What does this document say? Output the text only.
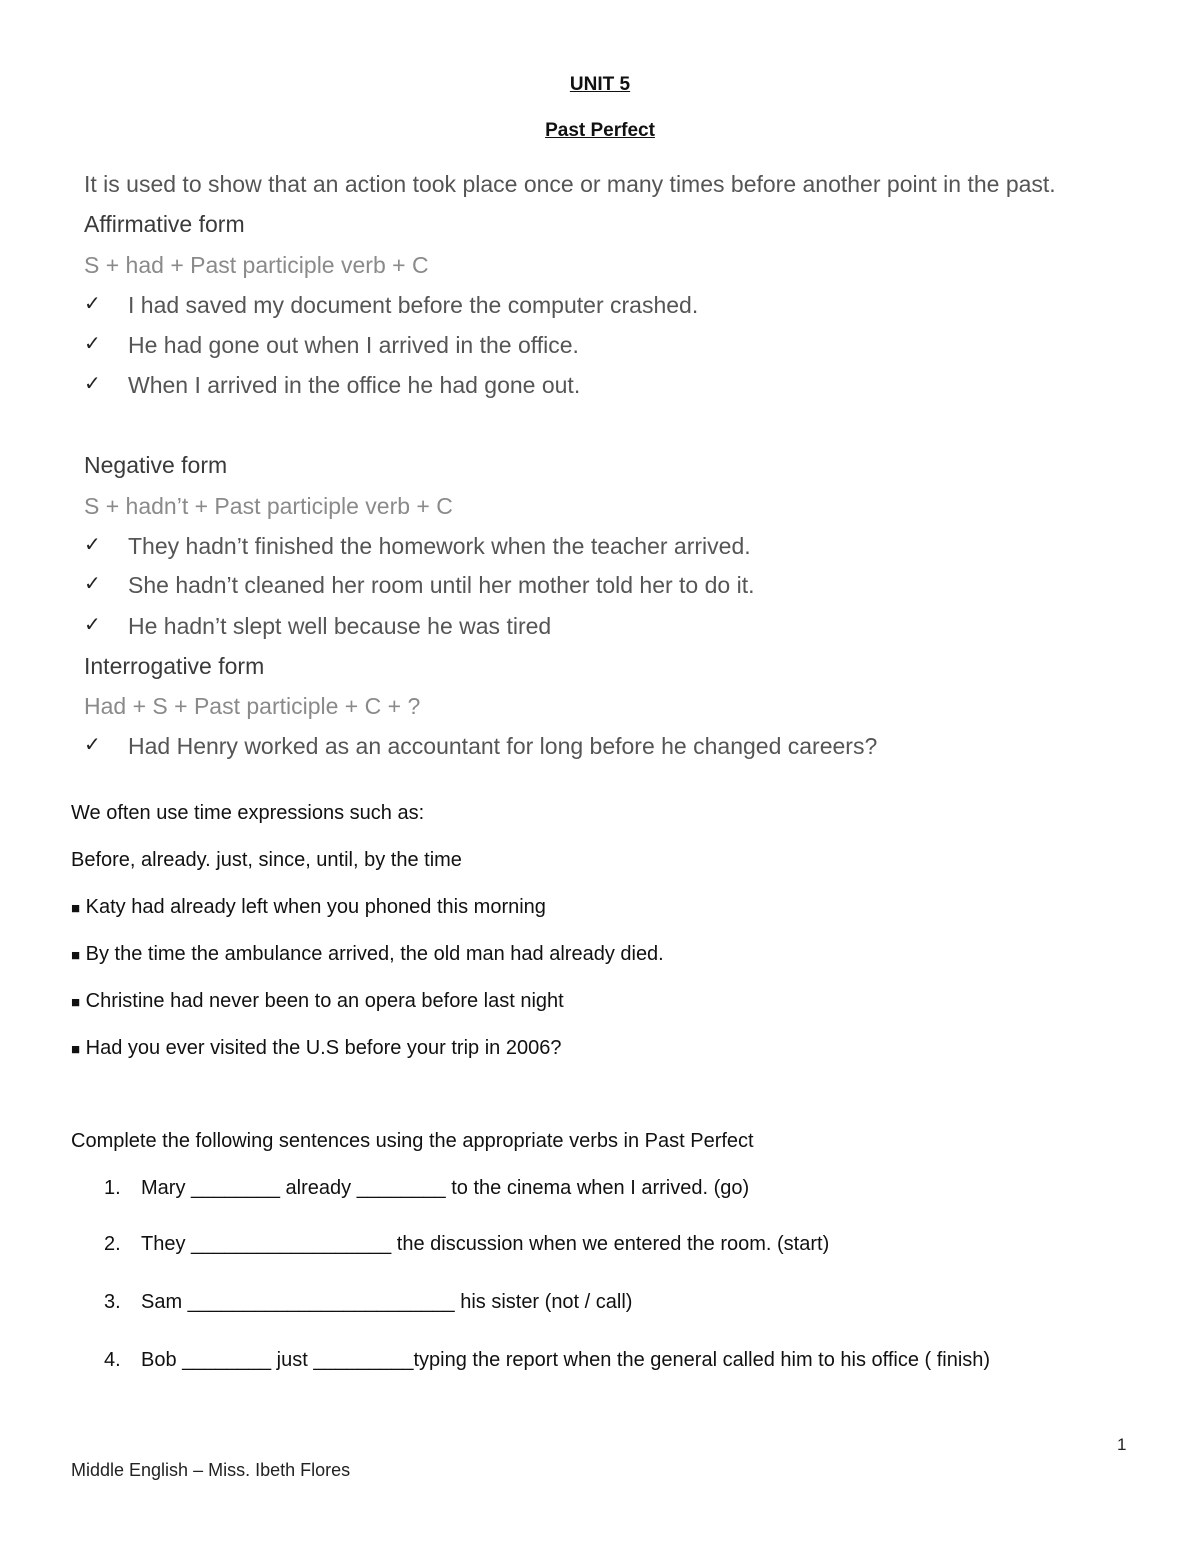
UNIT 5
Past Perfect
It is used to show that an action took place once or many times before another point in the past.
Affirmative form
S + had + Past participle verb + C
✓ I had saved my document before the computer crashed.
✓ He had gone out when I arrived in the office.
✓ When I arrived in the office he had gone out.
Negative form
S + hadn’t + Past participle verb + C
✓ They hadn’t finished the homework when the teacher arrived.
✓ She hadn’t cleaned her room until her mother told her to do it.
✓ He hadn’t slept well because he was tired
Interrogative form
Had + S + Past participle + C + ?
✓ Had Henry worked as an accountant for long before he changed careers?
We often use time expressions such as:
Before, already. just, since, until, by the time
■ Katy had already left when you phoned this morning
■ By the time the ambulance arrived, the old man had already died.
■ Christine had never been to an opera before last night
■ Had you ever visited the U.S before your trip in 2006?
Complete the following sentences using the appropriate verbs in Past Perfect
1. Mary ________ already ________ to the cinema when I arrived. (go)
2. They __________________ the discussion when we entered the room. (start)
3. Sam ________________________ his sister (not / call)
4. Bob ________ just _________typing the report when the general called him to his office ( finish)
1
Middle English – Miss. Ibeth Flores
